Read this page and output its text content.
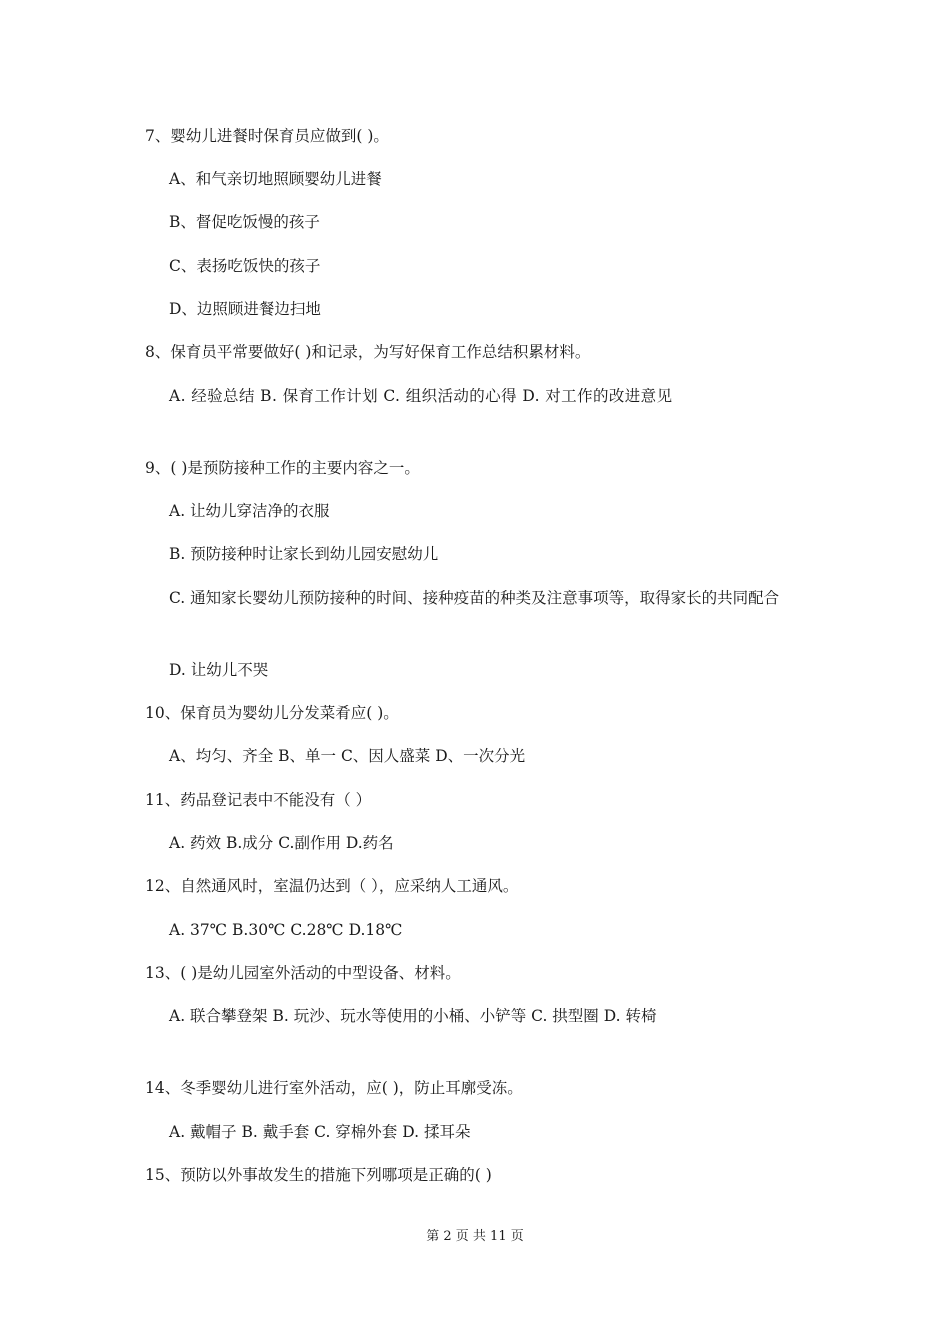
7、婴幼儿进餐时保育员应做到( )。
A、和气亲切地照顾婴幼儿进餐
B、督促吃饭慢的孩子
C、表扬吃饭快的孩子
D、边照顾进餐边扫地
8、保育员平常要做好( )和记录，为写好保育工作总结积累材料。
A. 经验总结 B. 保育工作计划 C. 组织活动的心得 D. 对工作的改进意见
9、( )是预防接种工作的主要内容之一。
A. 让幼儿穿洁净的衣服
B. 预防接种时让家长到幼儿园安慰幼儿
C. 通知家长婴幼儿预防接种的时间、接种疫苗的种类及注意事项等，取得家长的共同配合
D. 让幼儿不哭
10、保育员为婴幼儿分发菜肴应( )。
A、均匀、齐全 B、单一 C、因人盛菜 D、一次分光
11、药品登记表中不能没有（ ）
A. 药效 B.成分 C.副作用 D.药名
12、自然通风时，室温仍达到（ ），应采纳人工通风。
A. 37℃ B.30℃ C.28℃ D.18℃
13、( )是幼儿园室外活动的中型设备、材料。
A. 联合攀登架 B. 玩沙、玩水等使用的小桶、小铲等 C. 拱型圈 D. 转椅
14、冬季婴幼儿进行室外活动，应( )，防止耳廓受冻。
A. 戴帽子 B. 戴手套 C. 穿棉外套 D. 揉耳朵
15、预防以外事故发生的措施下列哪项是正确的( )
第 2 页 共 11 页
